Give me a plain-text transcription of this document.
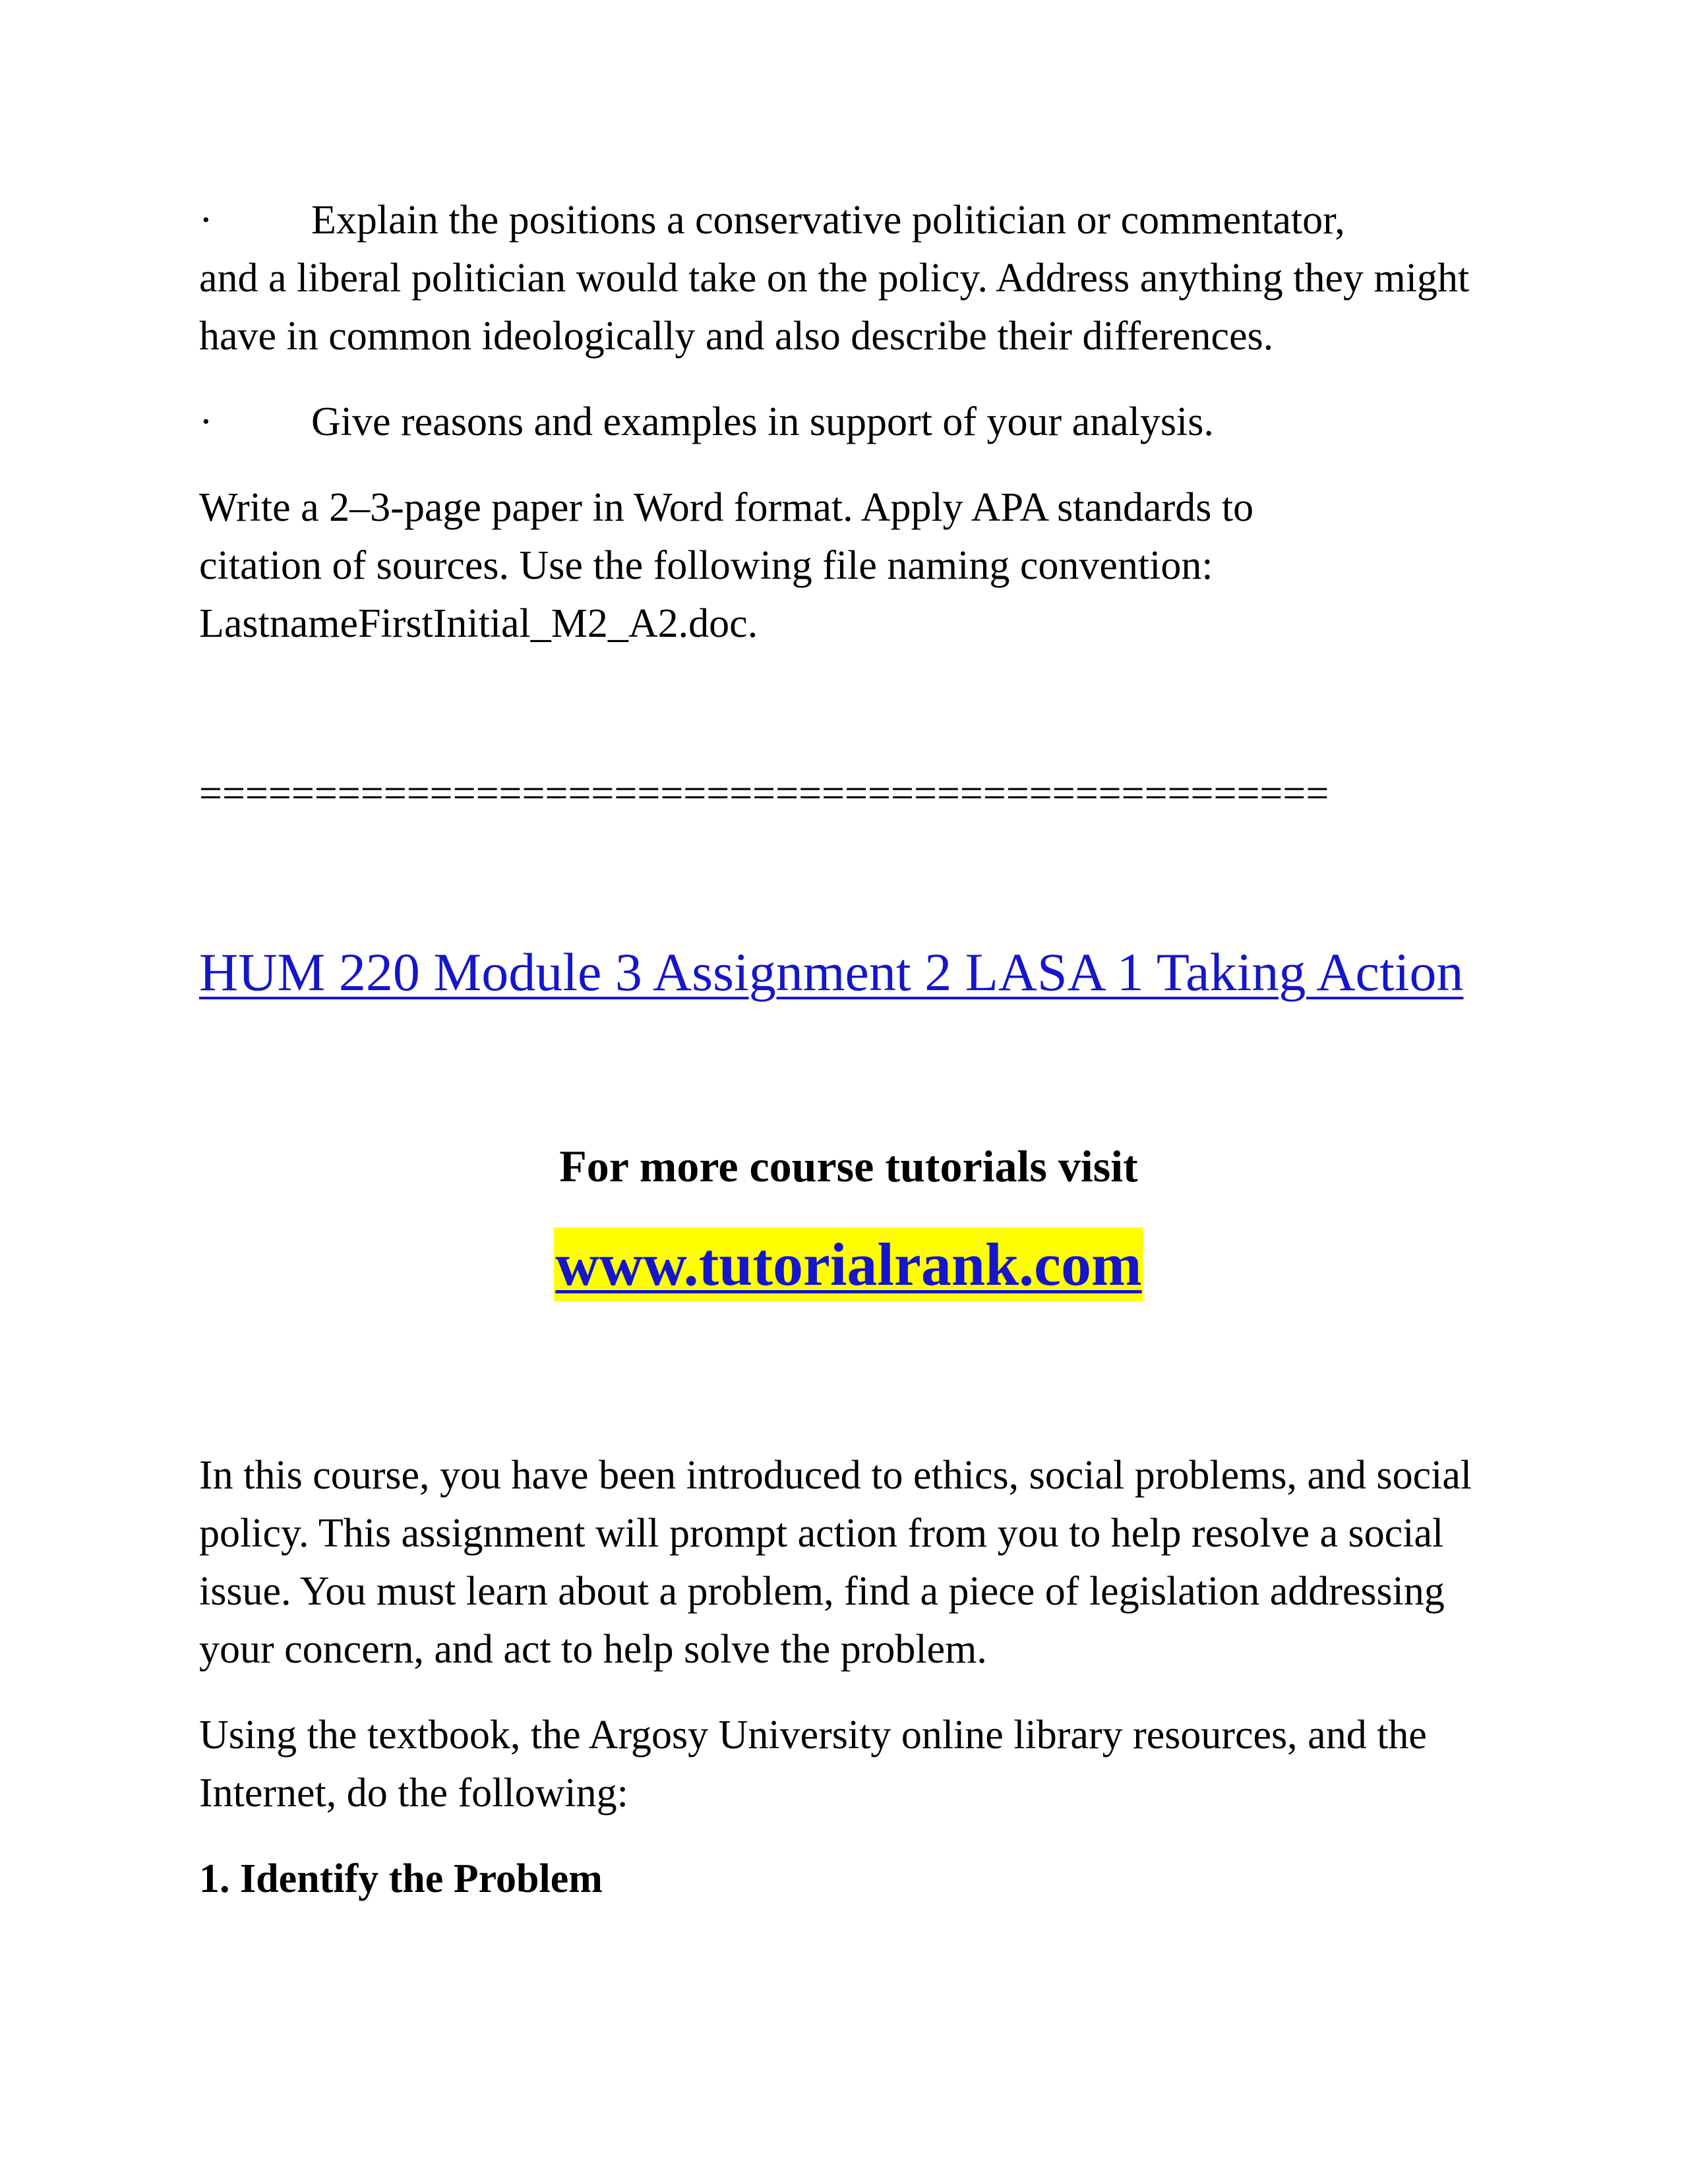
·	Explain the positions a conservative politician or commentator,

and a liberal politician would take on the policy. Address anything they might have in common ideologically and also describe their differences.

·	Give reasons and examples in support of your analysis.

Write a 2–3-page paper in Word format. Apply APA standards to citation of sources. Use the following file naming convention: LastnameFirstInitial_M2_A2.doc.

=================================================
HUM 220 Module 3 Assignment 2 LASA 1 Taking Action
For more course tutorials visit
www.tutorialrank.com

In this course, you have been introduced to ethics, social problems, and social policy. This assignment will prompt action from you to help resolve a social issue. You must learn about a problem, find a piece of legislation addressing your concern, and act to help solve the problem.

Using the textbook, the Argosy University online library resources, and the Internet, do the following:

1. Identify the Problem
